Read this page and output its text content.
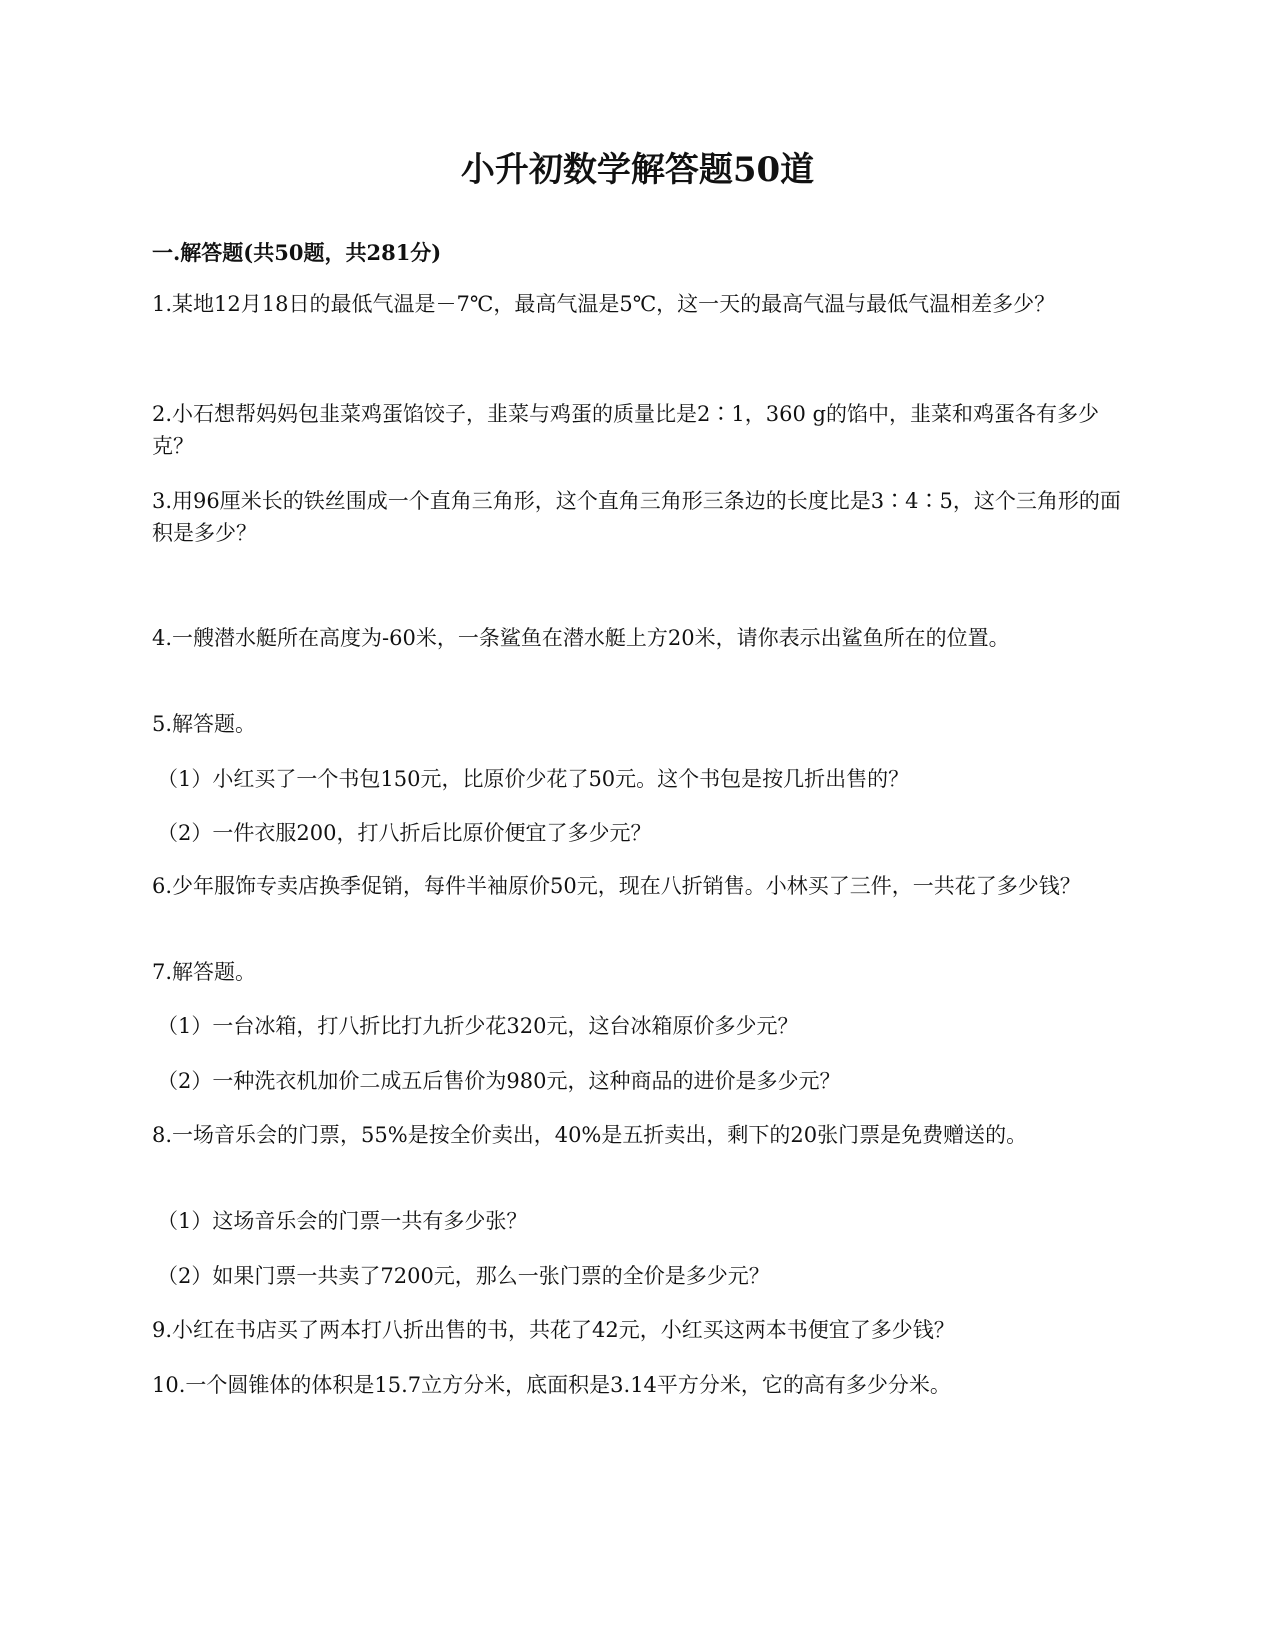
小升初数学解答题50道
一.解答题(共50题，共281分)
1.某地12月18日的最低气温是－7℃，最高气温是5℃，这一天的最高气温与最低气温相差多少？
2.小石想帮妈妈包韭菜鸡蛋馅饺子，韭菜与鸡蛋的质量比是2∶1，360 g的馅中，韭菜和鸡蛋各有多少克？
3.用96厘米长的铁丝围成一个直角三角形，这个直角三角形三条边的长度比是3∶4∶5，这个三角形的面积是多少？
4.一艘潜水艇所在高度为-60米，一条鲨鱼在潜水艇上方20米，请你表示出鲨鱼所在的位置。
5.解答题。
（1）小红买了一个书包150元，比原价少花了50元。这个书包是按几折出售的？
（2）一件衣服200，打八折后比原价便宜了多少元？
6.少年服饰专卖店换季促销，每件半袖原价50元，现在八折销售。小林买了三件，一共花了多少钱？
7.解答题。
（1）一台冰箱，打八折比打九折少花320元，这台冰箱原价多少元？
（2）一种洗衣机加价二成五后售价为980元，这种商品的进价是多少元？
8.一场音乐会的门票，55%是按全价卖出，40%是五折卖出，剩下的20张门票是免费赠送的。
（1）这场音乐会的门票一共有多少张？
（2）如果门票一共卖了7200元，那么一张门票的全价是多少元？
9.小红在书店买了两本打八折出售的书，共花了42元，小红买这两本书便宜了多少钱？
10.一个圆锥体的体积是15.7立方分米，底面积是3.14平方分米，它的高有多少分米。
